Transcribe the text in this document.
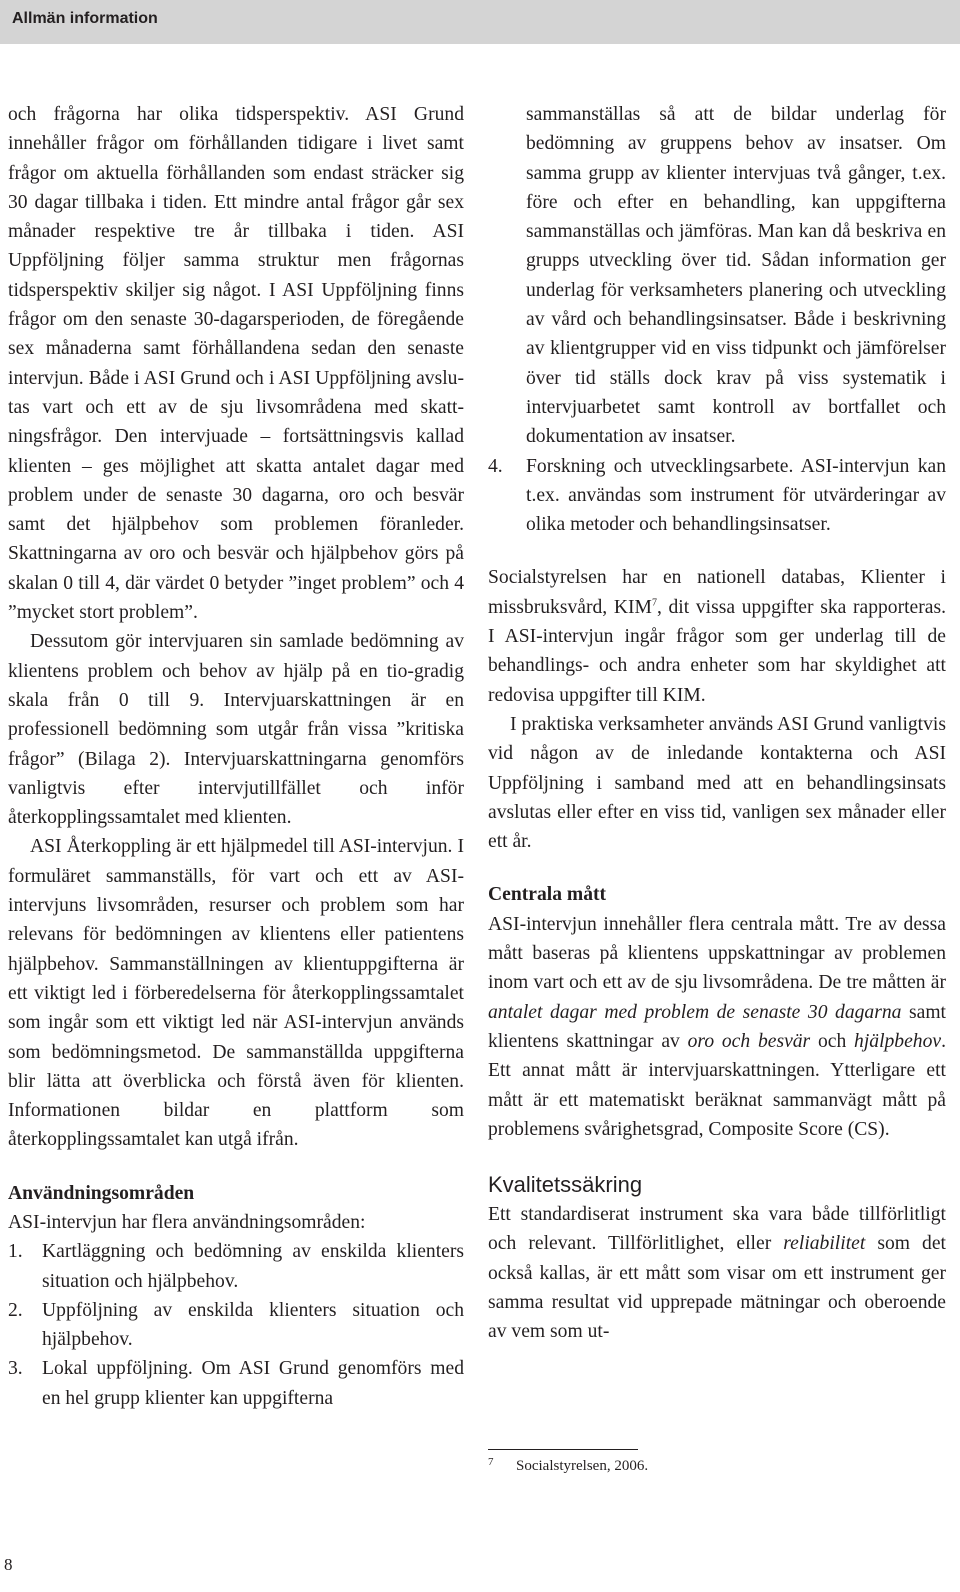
Allmän information

och frågorna har olika tidsperspektiv. ASI Grund innehåller frågor om förhållanden tidigare i livet samt frågor om aktuella förhållanden som endast sträcker sig 30 dagar tillbaka i tiden. Ett mindre antal frågor går sex månader respektive tre år tillbaka i tiden. ASI Uppföljning följer samma struktur men frågornas tidsperspektiv skiljer sig något. I ASI Uppföljning finns frågor om den senaste 30-dagarsperioden, de föregående sex månaderna samt förhållandena sedan den senaste intervjun. Både i ASI Grund och i ASI Uppföljning avslutas vart och ett av de sju livsområdena med skattningsfrågor. Den intervjuade – fortsättningsvis kallad klienten – ges möjlighet att skatta antalet dagar med problem under de senaste 30 dagarna, oro och besvär samt det hjälpbehov som problemen föranleder. Skattningarna av oro och besvär och hjälpbehov görs på skalan 0 till 4, där värdet 0 betyder ”inget problem” och 4 ”mycket stort problem”.

Dessutom gör intervjuaren sin samlade bedömning av klientens problem och behov av hjälp på en tio-gradig skala från 0 till 9. Intervjuarskattningen är en professionell bedömning som utgår från vissa ”kritiska frågor” (Bilaga 2). Intervjuarskattningarna genomförs vanligtvis efter intervjutillfället och inför återkopplingssamtalet med klienten.

ASI Återkoppling är ett hjälpmedel till ASI-intervjun. I formuläret sammanställs, för vart och ett av ASI-intervjuns livsområden, resurser och problem som har relevans för bedömningen av klientens eller patientens hjälpbehov. Sammanställningen av klientuppgifterna är ett viktigt led i förberedelserna för återkopplingssamtalet som ingår som ett viktigt led när ASI-intervjun används som bedömningsmetod. De sammanställda uppgifterna blir lätta att överblicka och förstå även för klienten. Informationen bildar en plattform som återkopplingssamtalet kan utgå ifrån.

Användningsområden

ASI-intervjun har flera användningsområden:

1. Kartläggning och bedömning av enskilda klienters situation och hjälpbehov.
2. Uppföljning av enskilda klienters situation och hjälpbehov.
3. Lokal uppföljning. Om ASI Grund genomförs med en hel grupp klienter kan uppgifterna

sammanställas så att de bildar underlag för bedömning av gruppens behov av insatser. Om samma grupp av klienter intervjuas två gånger, t.ex. före och efter en behandling, kan uppgifterna sammanställas och jämföras. Man kan då beskriva en grupps utveckling över tid. Sådan information ger underlag för verksamheters planering och utveckling av vård och behandlingsinsatser. Både i beskrivning av klientgrupper vid en viss tidpunkt och jämförelser över tid ställs dock krav på viss systematik i intervjuarbetet samt kontroll av bortfallet och dokumentation av insatser.

4. Forskning och utvecklingsarbete. ASI-intervjun kan t.ex. användas som instrument för utvärderingar av olika metoder och behandlingsinsatser.

Socialstyrelsen har en nationell databas, Klienter i missbruksvård, KIM$^7$, dit vissa uppgifter ska rapporteras. I ASI-intervjun ingår frågor som ger underlag till de behandlings- och andra enheter som har skyldighet att redovisa uppgifter till KIM.

I praktiska verksamheter används ASI Grund vanligtvis vid någon av de inledande kontakterna och ASI Uppföljning i samband med att en behandlingsinsats avslutas eller efter en viss tid, vanligen sex månader eller ett år.

Centrala mått

ASI-intervjun innehåller flera centrala mått. Tre av dessa mått baseras på klientens uppskattningar av problemen inom vart och ett av de sju livsområdena. De tre måtten är antalet dagar med problem de senaste 30 dagarna samt klientens skattningar av oro och besvär och hjälpbehov. Ett annat mått är intervjuarskattningen. Ytterligare ett mått är ett matematiskt beräknat sammanvägt mått på problemens svårighetsgrad, Composite Score (CS).

Kvalitetssäkring

Ett standardiserat instrument ska vara både tillförlitligt och relevant. Tillförlitlighet, eller reliabilitet som det också kallas, är ett mått som visar om ett instrument ger samma resultat vid upprepade mätningar och oberoende av vem som ut-

7 Socialstyrelsen, 2006.
8
